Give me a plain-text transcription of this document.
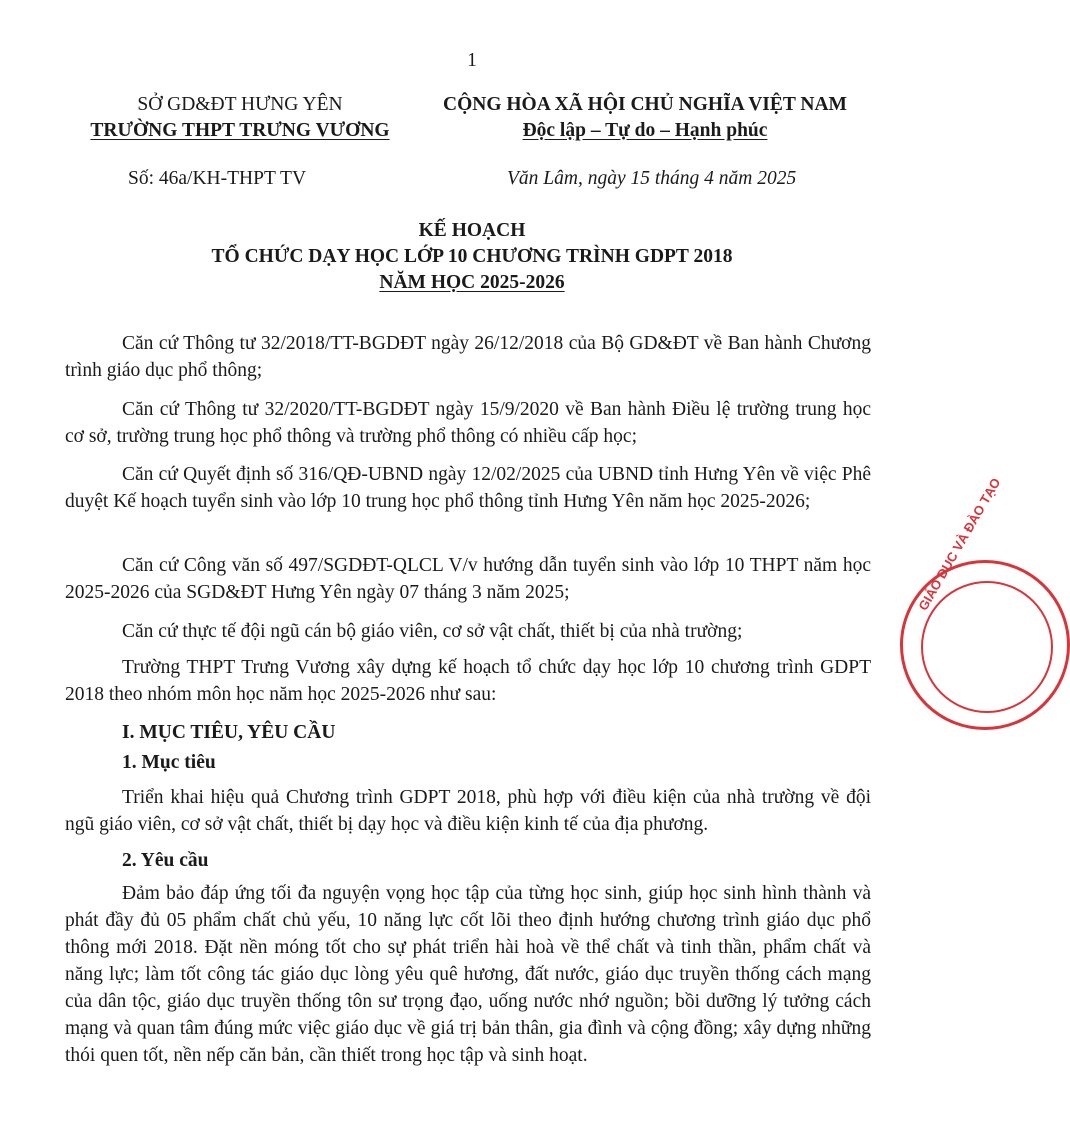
1
SỞ GD&ĐT HƯNG YÊN
TRƯỜNG THPT TRƯNG VƯƠNG
CỘNG HÒA XÃ HỘI CHỦ NGHĨA VIỆT NAM
Độc lập – Tự do – Hạnh phúc
Số: 46a/KH-THPT TV	Văn Lâm, ngày 15 tháng 4 năm 2025
KẾ HOẠCH
TỔ CHỨC DẠY HỌC LỚP 10 CHƯƠNG TRÌNH GDPT 2018
NĂM HỌC 2025-2026
Căn cứ Thông tư 32/2018/TT-BGDĐT ngày 26/12/2018 của Bộ GD&ĐT về Ban hành Chương trình giáo dục phổ thông;
Căn cứ Thông tư 32/2020/TT-BGDĐT ngày 15/9/2020 về Ban hành Điều lệ trường trung học cơ sở, trường trung học phổ thông và trường phổ thông có nhiều cấp học;
Căn cứ Quyết định số 316/QĐ-UBND ngày 12/02/2025 của UBND tỉnh Hưng Yên về việc Phê duyệt Kế hoạch tuyển sinh vào lớp 10 trung học phổ thông tỉnh Hưng Yên năm học 2025-2026;
Căn cứ Công văn số 497/SGDĐT-QLCL V/v hướng dẫn tuyển sinh vào lớp 10 THPT năm học 2025-2026 của SGD&ĐT Hưng Yên ngày 07 tháng 3 năm 2025;
Căn cứ thực tế đội ngũ cán bộ giáo viên, cơ sở vật chất, thiết bị của nhà trường;
Trường THPT Trưng Vương xây dựng kế hoạch tổ chức dạy học lớp 10 chương trình GDPT 2018 theo nhóm môn học năm học 2025-2026 như sau:
I. MỤC TIÊU, YÊU CẦU
1. Mục tiêu
Triển khai hiệu quả Chương trình GDPT 2018, phù hợp với điều kiện của nhà trường về đội ngũ giáo viên, cơ sở vật chất, thiết bị dạy học và điều kiện kinh tế của địa phương.
2. Yêu cầu
Đảm bảo đáp ứng tối đa nguyện vọng học tập của từng học sinh, giúp học sinh hình thành và phát đầy đủ 05 phẩm chất chủ yếu, 10 năng lực cốt lõi theo định hướng chương trình giáo dục phổ thông mới 2018. Đặt nền móng tốt cho sự phát triển hài hoà về thể chất và tinh thần, phẩm chất và năng lực; làm tốt công tác giáo dục lòng yêu quê hương, đất nước, giáo dục truyền thống cách mạng của dân tộc, giáo dục truyền thống tôn sư trọng đạo, uống nước nhớ nguồn; bồi dưỡng lý tưởng cách mạng và quan tâm đúng mức việc giáo dục về giá trị bản thân, gia đình và cộng đồng; xây dựng những thói quen tốt, nền nếp căn bản, cần thiết trong học tập và sinh hoạt.
GIÁO DỤC VÀ ĐÀO TẠO
